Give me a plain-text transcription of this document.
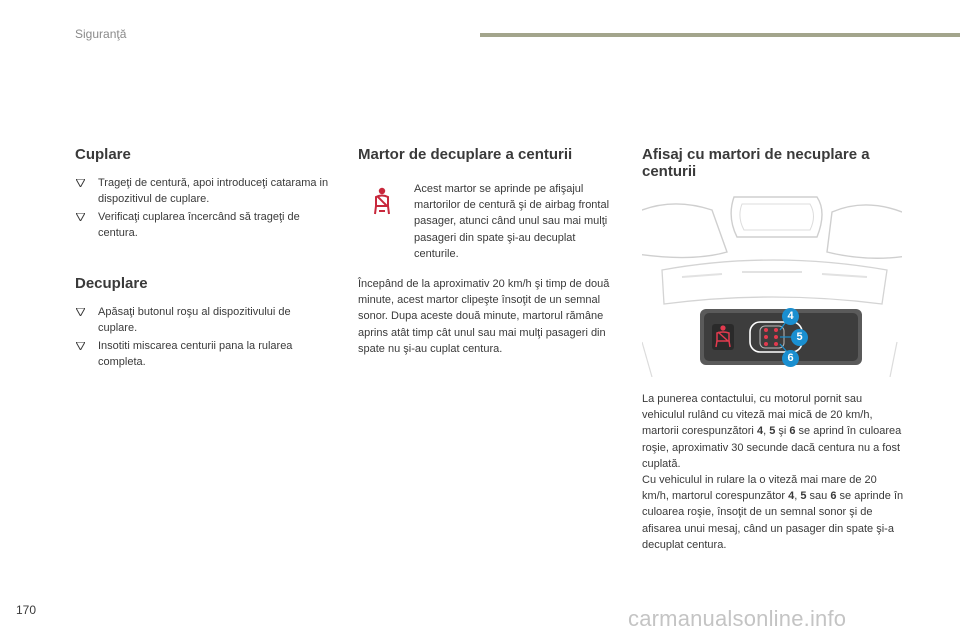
Siguranţă
Cuplare
Trageţi de centură, apoi introduceţi catarama in dispozitivul de cuplare.
Verificaţi cuplarea încercând să trageţi de centura.
Decuplare
Apăsaţi butonul roşu al dispozitivului de cuplare.
Insotiti miscarea centurii pana la rularea completa.
Martor de decuplare a centurii

Acest martor se aprinde pe afişajul martorilor de centură şi de airbag frontal pasager, atunci când unul sau mai mulţi pasageri din spate şi-au decuplat centurile.

Începând de la aproximativ 20 km/h şi timp de două minute, acest martor clipeşte însoţit de un semnal sonor. Dupa aceste două minute, martorul rămâne aprins atât timp cât unul sau mai mulţi pasageri din spate nu şi-au cuplat centura.

Afisaj cu martori de necuplare a centurii
4
5
6

La punerea contactului, cu motorul pornit sau vehiculul rulând cu viteză mai mică de 20 km/h, martorii corespunzători 4, 5 şi 6 se aprind în culoarea roşie, aproximativ 30 secunde dacă centura nu a fost cuplată.

Cu vehiculul in rulare la o viteză mai mare de 20 km/h, martorul corespunzător 4, 5 sau 6 se aprinde în culoarea roşie, însoţit de un semnal sonor şi de afisarea unui mesaj, când un pasager din spate şi-a decuplat centura.

170	carmanualsonline.info
